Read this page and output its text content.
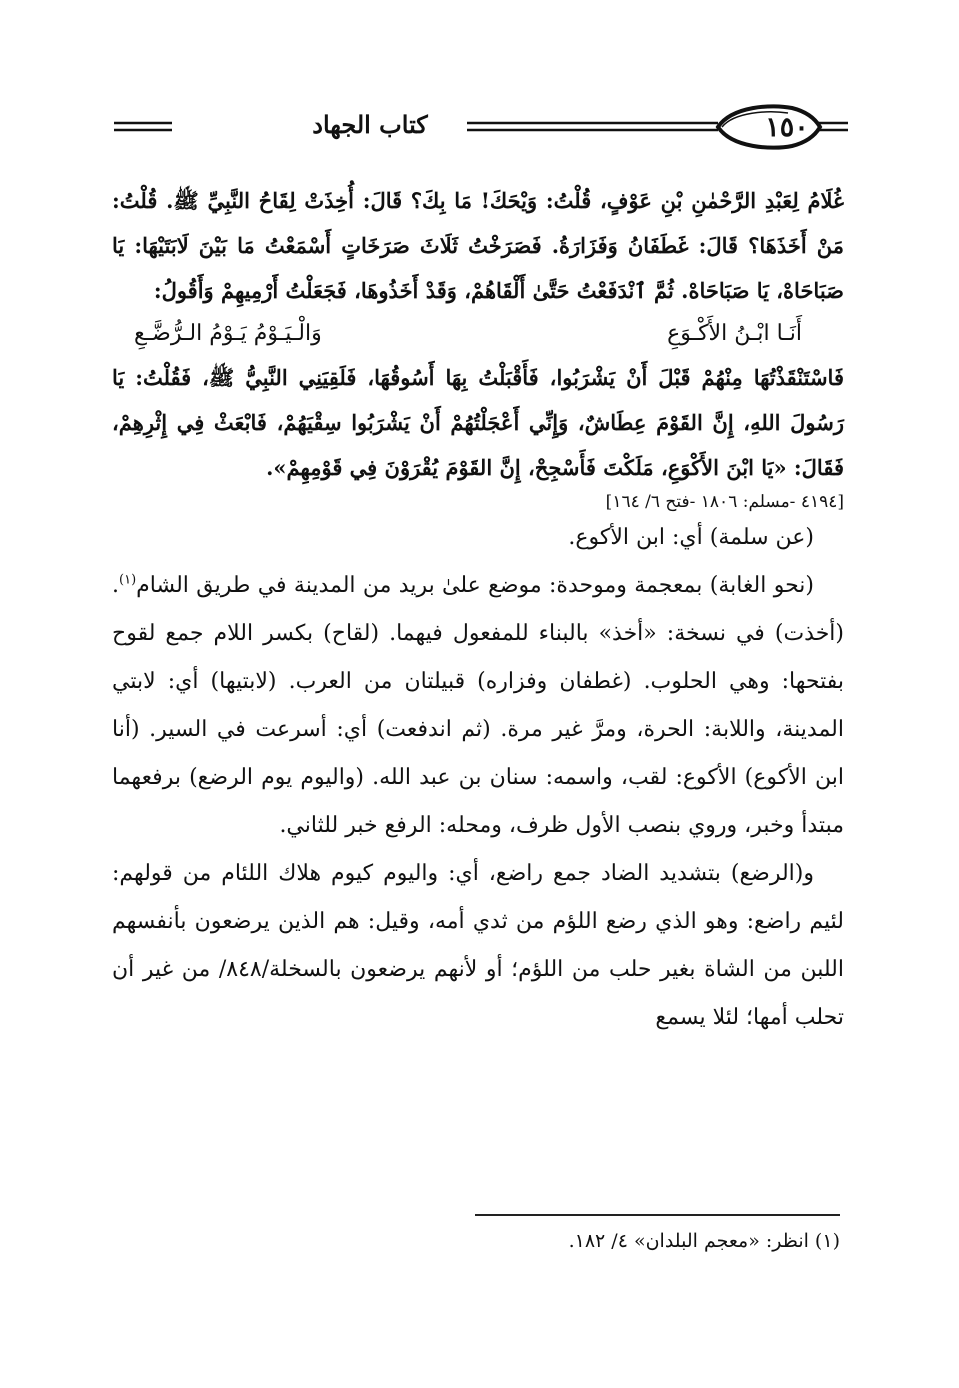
كتاب الجهاد	١٥٠

غُلَامُ لِعَبْدِ الرَّحْمٰنِ بْنِ عَوْفٍ، قُلْتُ: وَيْحَكَ! مَا بِكَ؟ قَالَ: أُخِذَتْ لِقَاحُ النَّبِيِّ ﷺ. قُلْتُ: مَنْ أَخَذَهَا؟ قَالَ: غَطَفَانُ وَفَزَارَةُ. فَصَرَخْتُ ثَلَاثَ صَرَخَاتٍ أَسْمَعْتُ مَا بَيْنَ لَابَتَيْهَا: يَا صَبَاحَاهْ، يَا صَبَاحَاهْ. ثُمَّ ٱنْدَفَعْتُ حَتَّىٰ أَلْقَاهُمْ، وَقَدْ أَخَذُوهَا، فَجَعَلْتُ أَرْمِيهِمْ وَأَقُولُ:

أَنَـا ابْـنُ الأَكْـوَعِ
وَالْـيَـوْمُ يَـوْمُ الـرُّضَّـعِ

فَاسْتَنْقَذْتُهَا مِنْهُمْ قَبْلَ أَنْ يَشْرَبُوا، فَأَقْبَلْتُ بِهَا أَسُوقُهَا، فَلَقِيَنِي النَّبِيُّ ﷺ، فَقُلْتُ: يَا رَسُولَ اللهِ، إِنَّ القَوْمَ عِطَاشٌ، وَإِنِّي أَعْجَلْتُهُمْ أَنْ يَشْرَبُوا سِقْيَهُمْ، فَابْعَثْ فِي إِثْرِهِمْ، فَقَالَ: «يَا ابْنَ الأَكْوَعِ، مَلَكْتَ فَأَسْجِحْ، إِنَّ القَوْمَ يُقْرَوْنَ فِي قَوْمِهِمْ».

[٤١٩٤ -مسلم: ١٨٠٦ -فتح ٦/ ١٦٤]

(عن سلمة) أي: ابن الأكوع.

(نحو الغابة) بمعجمة وموحدة: موضع علىٰ بريد من المدينة في طريق الشام$^{(١)}$. (أخذت) في نسخة: «أخذ» بالبناء للمفعول فيهما. (لقاح) بكسر اللام جمع لقوح بفتحها: وهي الحلوب. (غطفان وفزاره) قبيلتان من العرب. (لابتيها) أي: لابتي المدينة، واللابة: الحرة، ومرَّ غير مرة. (ثم اندفعت) أي: أسرعت في السير. (أنا ابن الأكوع) الأكوع: لقب، واسمه: سنان بن عبد الله. (واليوم يوم الرضع) برفعهما مبتدأ وخبر، وروي بنصب الأول ظرف، ومحله: الرفع خبر للثاني.

و(الرضع) بتشديد الضاد جمع راضع، أي: واليوم كيوم هلاك اللئام من قولهم: لئيم راضع: وهو الذي رضع اللؤم من ثدي أمه، وقيل: هم الذين يرضعون بأنفسهم اللبن من الشاة بغير حلب من اللؤم؛ أو لأنهم يرضعون بالسخلة/٨٤٨/ من غير أن تحلب أمها؛ لئلا يسمع

(١) انظر: «معجم البلدان» ٤/ ١٨٢.
